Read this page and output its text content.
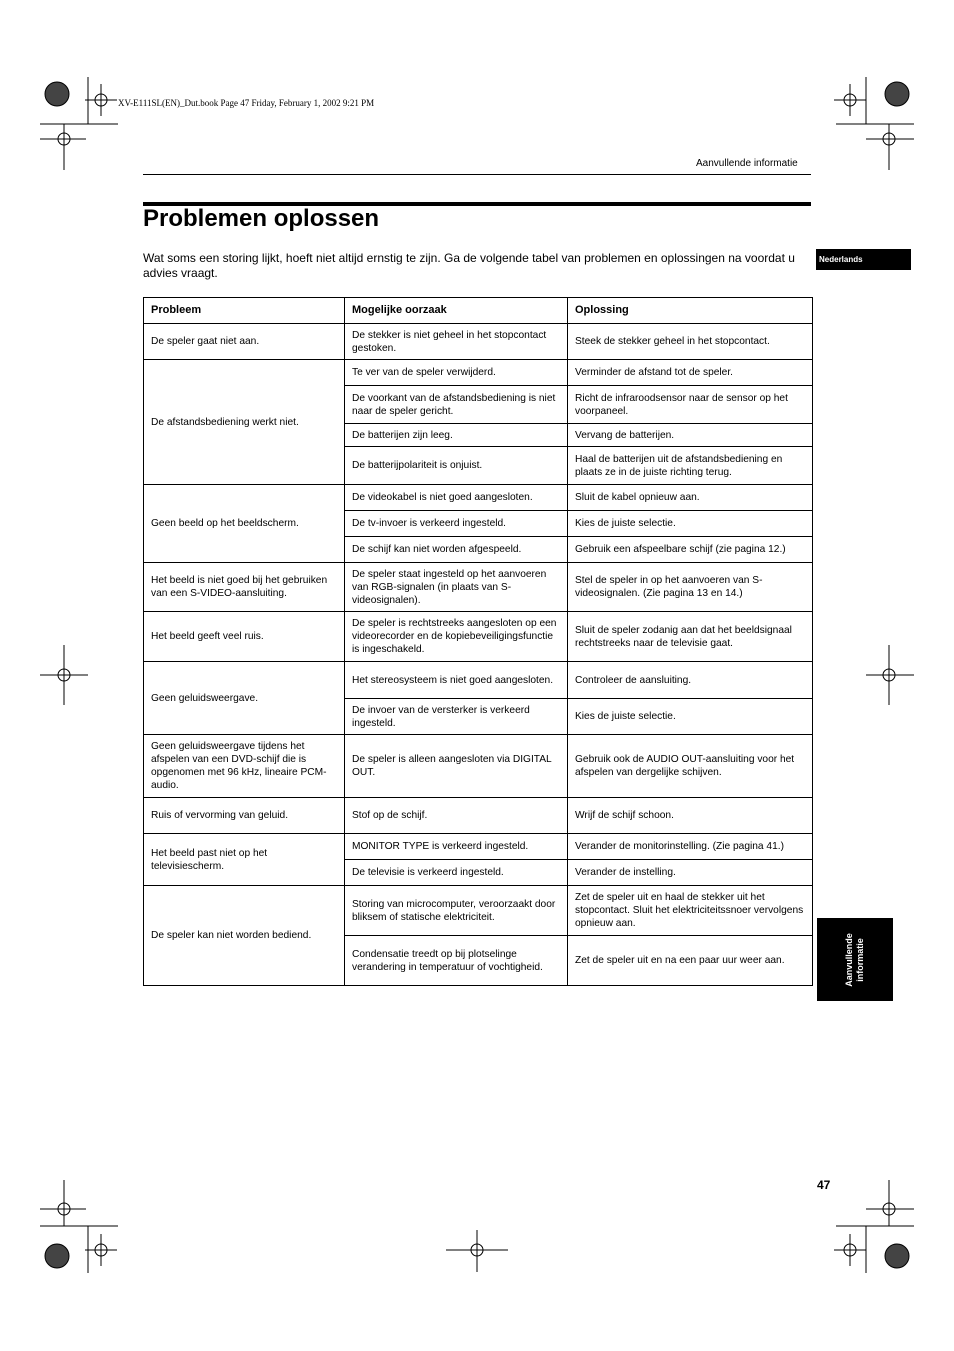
XV-E111SL(EN)_Dut.book Page 47 Friday, February 1, 2002 9:21 PM
Aanvullende informatie
Problemen oplossen

Wat soms een storing lijkt, hoeft niet altijd ernstig te zijn. Ga de volgende tabel van problemen en oplossingen na voordat u advies vraagt.

Nederlands
Probleem	Mogelijke oorzaak	Oplossing
De speler gaat niet aan.	De stekker is niet geheel in het stopcontact gestoken.	Steek de stekker geheel in het stopcontact.
De afstandsbediening werkt niet.	Te ver van de speler verwijderd.	Verminder de afstand tot de speler.
	De voorkant van de afstandsbediening is niet naar de speler gericht.	Richt de infraroodsensor naar de sensor op het voorpaneel.
	De batterijen zijn leeg.	Vervang de batterijen.
	De batterijpolariteit is onjuist.	Haal de batterijen uit de afstandsbediening en plaats ze in de juiste richting terug.
Geen beeld op het beeldscherm.	De videokabel is niet goed aangesloten.	Sluit de kabel opnieuw aan.
	De tv-invoer is verkeerd ingesteld.	Kies de juiste selectie.
	De schijf kan niet worden afgespeeld.	Gebruik een afspeelbare schijf (zie pagina 12.)
Het beeld is niet goed bij het gebruiken van een S-VIDEO-aansluiting.	De speler staat ingesteld op het aanvoeren van RGB-signalen (in plaats van S-videosignalen).	Stel de speler in op het aanvoeren van S-videosignalen. (Zie pagina 13 en 14.)
Het beeld geeft veel ruis.	De speler is rechtstreeks aangesloten op een videorecorder en de kopiebeveiligingsfunctie is ingeschakeld.	Sluit de speler zodanig aan dat het beeldsignaal rechtstreeks naar de televisie gaat.
Geen geluidsweergave.	Het stereosysteem is niet goed aangesloten.	Controleer de aansluiting.
	De invoer van de versterker is verkeerd ingesteld.	Kies de juiste selectie.
Geen geluidsweergave tijdens het afspelen van een DVD-schijf die is opgenomen met 96 kHz, lineaire PCM-audio.	De speler is alleen aangesloten via DIGITAL OUT.	Gebruik ook de AUDIO OUT-aansluiting voor het afspelen van dergelijke schijven.
Ruis of vervorming van geluid.	Stof op de schijf.	Wrijf de schijf schoon.
Het beeld past niet op het televisiescherm.	MONITOR TYPE is verkeerd ingesteld.	Verander de monitorinstelling. (Zie pagina 41.)
	De televisie is verkeerd ingesteld.	Verander de instelling.
De speler kan niet worden bediend.	Storing van microcomputer, veroorzaakt door bliksem of statische elektriciteit.	Zet de speler uit en haal de stekker uit het stopcontact. Sluit het elektriciteitssnoer vervolgens opnieuw aan.
	Condensatie treedt op bij plotselinge verandering in temperatuur of vochtigheid.	Zet de speler uit en na een paar uur weer aan.	Aanvullende
informatie
47
